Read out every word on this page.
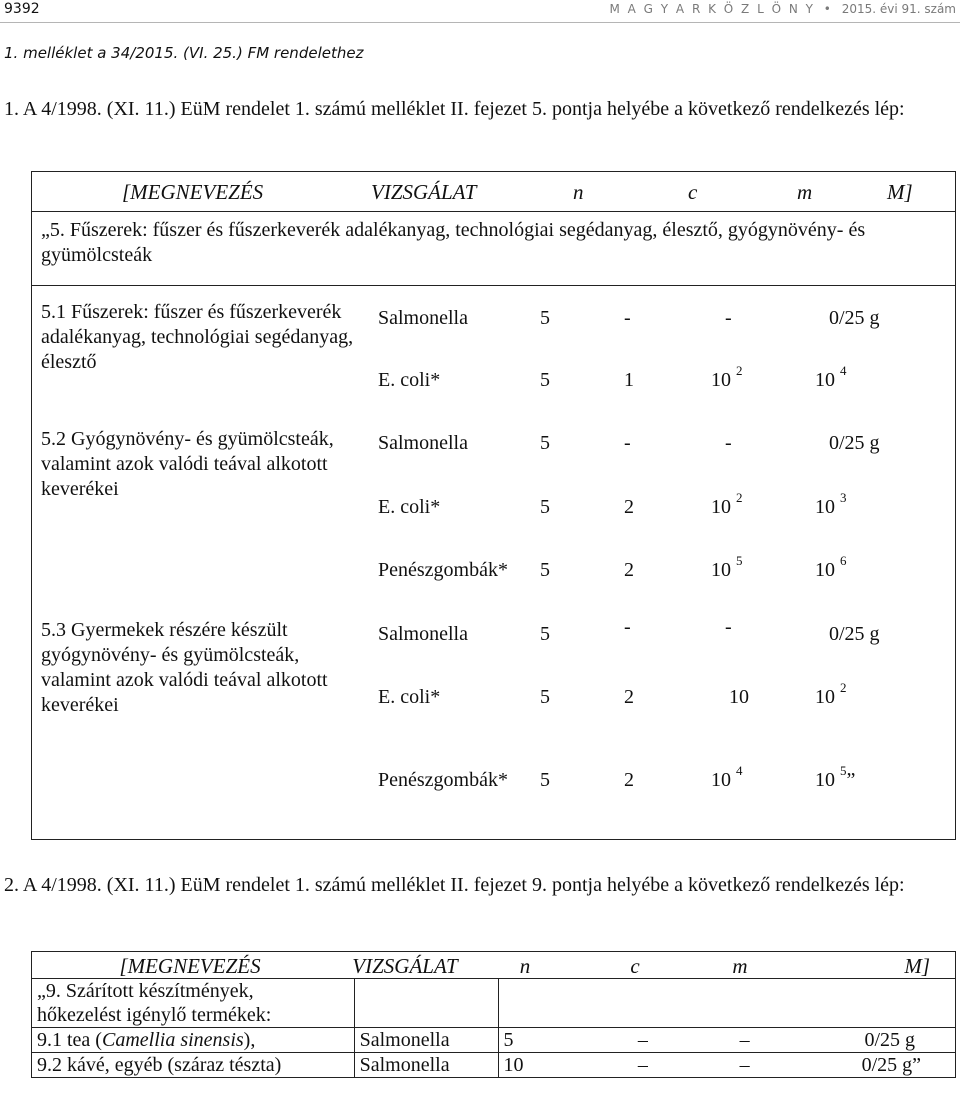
9392	M A G Y A R K Ö Z L Ö N Y • 2015. évi 91. szám
1. melléklet a 34/2015. (VI. 25.) FM rendelethez
1. A 4/1998. (XI. 11.) EüM rendelet 1. számú melléklet II. fejezet 5. pontja helyébe a következő rendelkezés lép:
[MEGNEVEZÉS	VIZSGÁLAT	n	c	m	M]
„5. Fűszerek: fűszer és fűszerkeverék adalékanyag, technológiai segédanyag, élesztő, gyógynövény- és gyümölcsteák
5.1 Fűszerek: fűszer és fűszerkeverék adalékanyag, technológiai segédanyag, élesztő
Salmonella	5	-	-	0/25 g
E. coli*	5	1	10 $^2$	10 $^4$
5.2 Gyógynövény- és gyümölcsteák, valamint azok valódi teával alkotott keverékei
Salmonella	5	-	-	0/25 g
E. coli*	5	2	10 $^2$	10 $^3$
Penészgombák* 5	2	10 $^5$	10 $^6$
5.3 Gyermekek részére készült gyógynövény- és gyümölcsteák, valamint azok valódi teával alkotott keverékei
Salmonella	5	-	-	0/25 g
E. coli*	5	2	10	10 $^2$
Penészgombák* 5	2	10 $^4$	10 $^5$”
2. A 4/1998. (XI. 11.) EüM rendelet 1. számú melléklet II. fejezet 9. pontja helyébe a következő rendelkezés lép:
[MEGNEVEZÉS VIZSGÁLAT n c m M]					

„9. Szárított készítmények,
hőkezelést igénylő termékek:					

9.1 tea (Camellia sinensis),	Salmonella	5	–	–	0/25 g
9.2 kávé, egyéb (száraz tészta)	Salmonella	10	–	–	0/25 g”
